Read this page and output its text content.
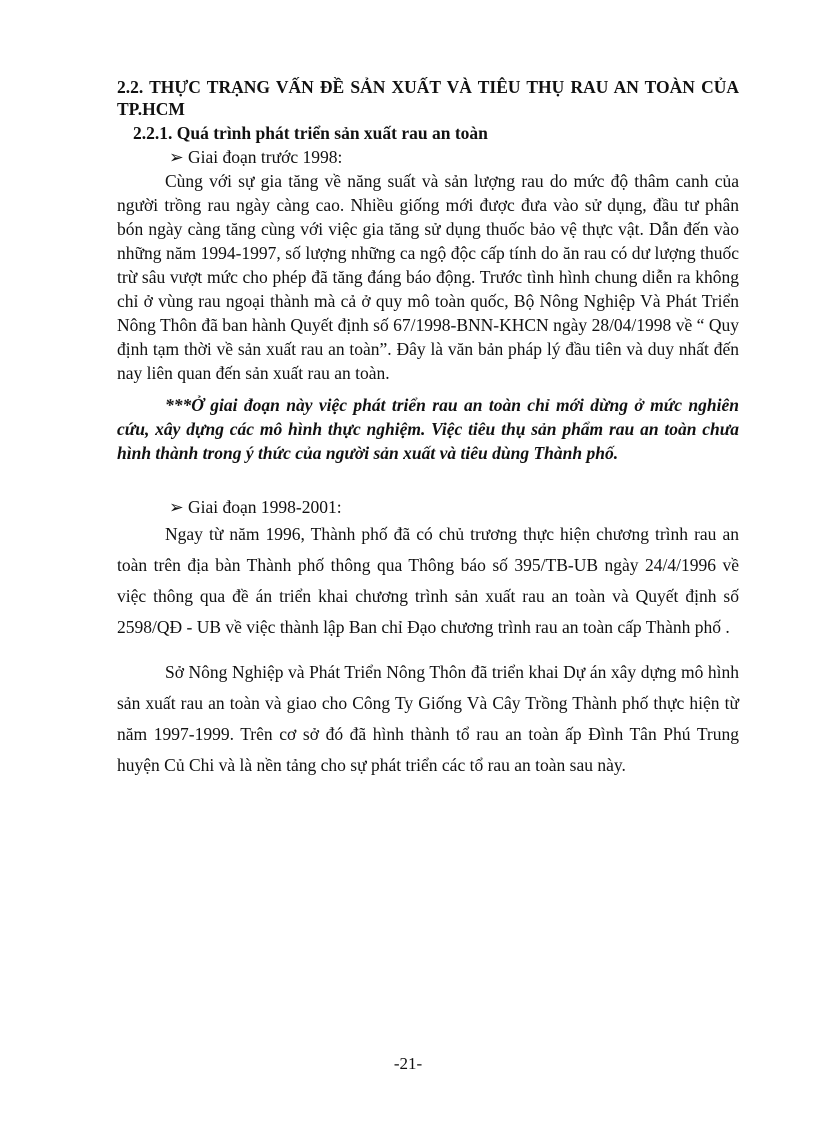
2.2. THỰC TRẠNG VẤN ĐỀ SẢN XUẤT VÀ TIÊU THỤ RAU AN TOÀN CỦA TP.HCM

2.2.1. Quá trình phát triển sản xuất rau an toàn

➢ Giai đoạn trước 1998:

Cùng với sự gia tăng về năng suất và sản lượng rau do mức độ thâm canh của người trồng rau ngày càng cao. Nhiều giống mới được đưa vào sử dụng, đầu tư phân bón ngày càng tăng cùng với việc gia tăng sử dụng thuốc bảo vệ thực vật. Dẫn đến vào những năm 1994-1997, số lượng những ca ngộ độc cấp tính do ăn rau có dư lượng thuốc trừ sâu vượt mức cho phép đã tăng đáng báo động. Trước tình hình chung diễn ra không chỉ ở vùng rau ngoại thành mà cả ở quy mô toàn quốc, Bộ Nông Nghiệp Và Phát Triển Nông Thôn đã ban hành Quyết định số 67/1998-BNN-KHCN ngày 28/04/1998 về “ Quy định tạm thời về sản xuất rau an toàn”. Đây là văn bản pháp lý đầu tiên và duy nhất đến nay liên quan đến sản xuất rau an toàn.

***Ở giai đoạn này việc phát triển rau an toàn chỉ mới dừng ở mức nghiên cứu, xây dựng các mô hình thực nghiệm. Việc tiêu thụ sản phẩm rau an toàn chưa hình thành trong ý thức của người sản xuất và tiêu dùng Thành phố.

➢ Giai đoạn 1998-2001:

Ngay từ năm 1996, Thành phố đã có chủ trương thực hiện chương trình rau an toàn trên địa bàn Thành phố thông qua Thông báo số 395/TB-UB ngày 24/4/1996 về việc thông qua đề án triển khai chương trình sản xuất rau an toàn và Quyết định số 2598/QĐ - UB về việc thành lập Ban chỉ Đạo chương trình rau an toàn cấp Thành phố .

Sở Nông Nghiệp và Phát Triển Nông Thôn đã triển khai Dự án xây dựng mô hình sản xuất rau an toàn và giao cho Công Ty Giống Và Cây Trồng Thành phố thực hiện từ năm 1997-1999. Trên cơ sở đó đã hình thành tổ rau an toàn ấp Đình Tân Phú Trung huyện Củ Chi và là nền tảng cho sự phát triển các tổ rau an toàn sau này.

-21-
